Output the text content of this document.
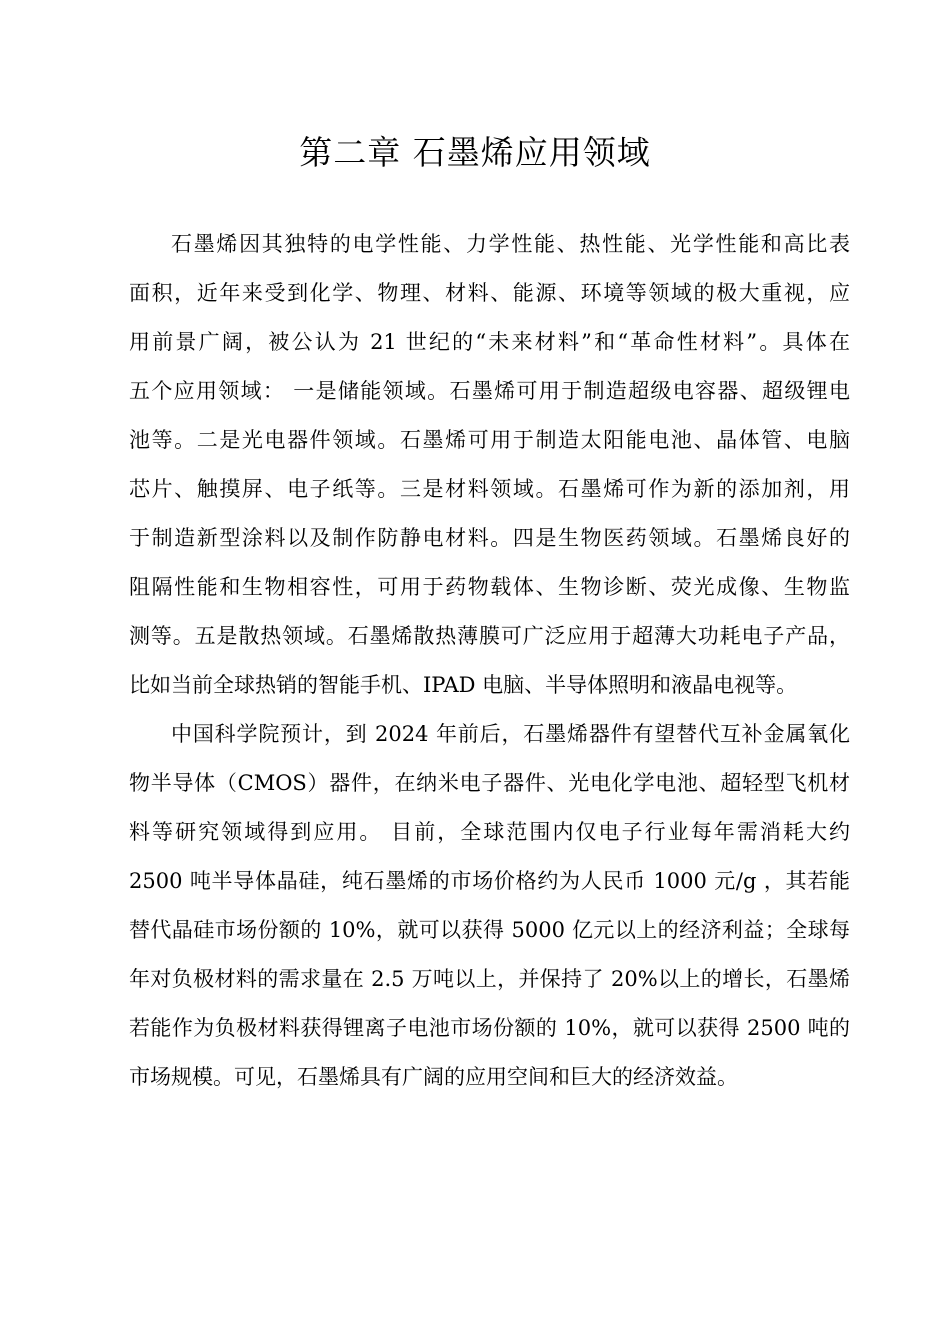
第二章 石墨烯应用领域
石墨烯因其独特的电学性能、力学性能、热性能、光学性能和高比表
面积，近年来受到化学、物理、材料、能源、环境等领域的极大重视，应
用前景广阔，被公认为 21 世纪的“未来材料”和“革命性材料”。具体在
五个应用领域： 一是储能领域。石墨烯可用于制造超级电容器、超级锂电
池等。二是光电器件领域。石墨烯可用于制造太阳能电池、晶体管、电脑
芯片、触摸屏、电子纸等。三是材料领域。石墨烯可作为新的添加剂，用
于制造新型涂料以及制作防静电材料。四是生物医药领域。石墨烯良好的
阻隔性能和生物相容性，可用于药物载体、生物诊断、荧光成像、生物监
测等。五是散热领域。石墨烯散热薄膜可广泛应用于超薄大功耗电子产品，
比如当前全球热销的智能手机、IPAD 电脑、半导体照明和液晶电视等。
中国科学院预计，到 2024 年前后，石墨烯器件有望替代互补金属氧化
物半导体（CMOS）器件，在纳米电子器件、光电化学电池、超轻型飞机材
料等研究领域得到应用。 目前，全球范围内仅电子行业每年需消耗大约
2500 吨半导体晶硅，纯石墨烯的市场价格约为人民币 1000 元/g ，其若能
替代晶硅市场份额的 10%，就可以获得 5000 亿元以上的经济利益；全球每
年对负极材料的需求量在 2.5 万吨以上，并保持了 20%以上的增长，石墨烯
若能作为负极材料获得锂离子电池市场份额的 10%，就可以获得 2500 吨的
市场规模。可见，石墨烯具有广阔的应用空间和巨大的经济效益。
